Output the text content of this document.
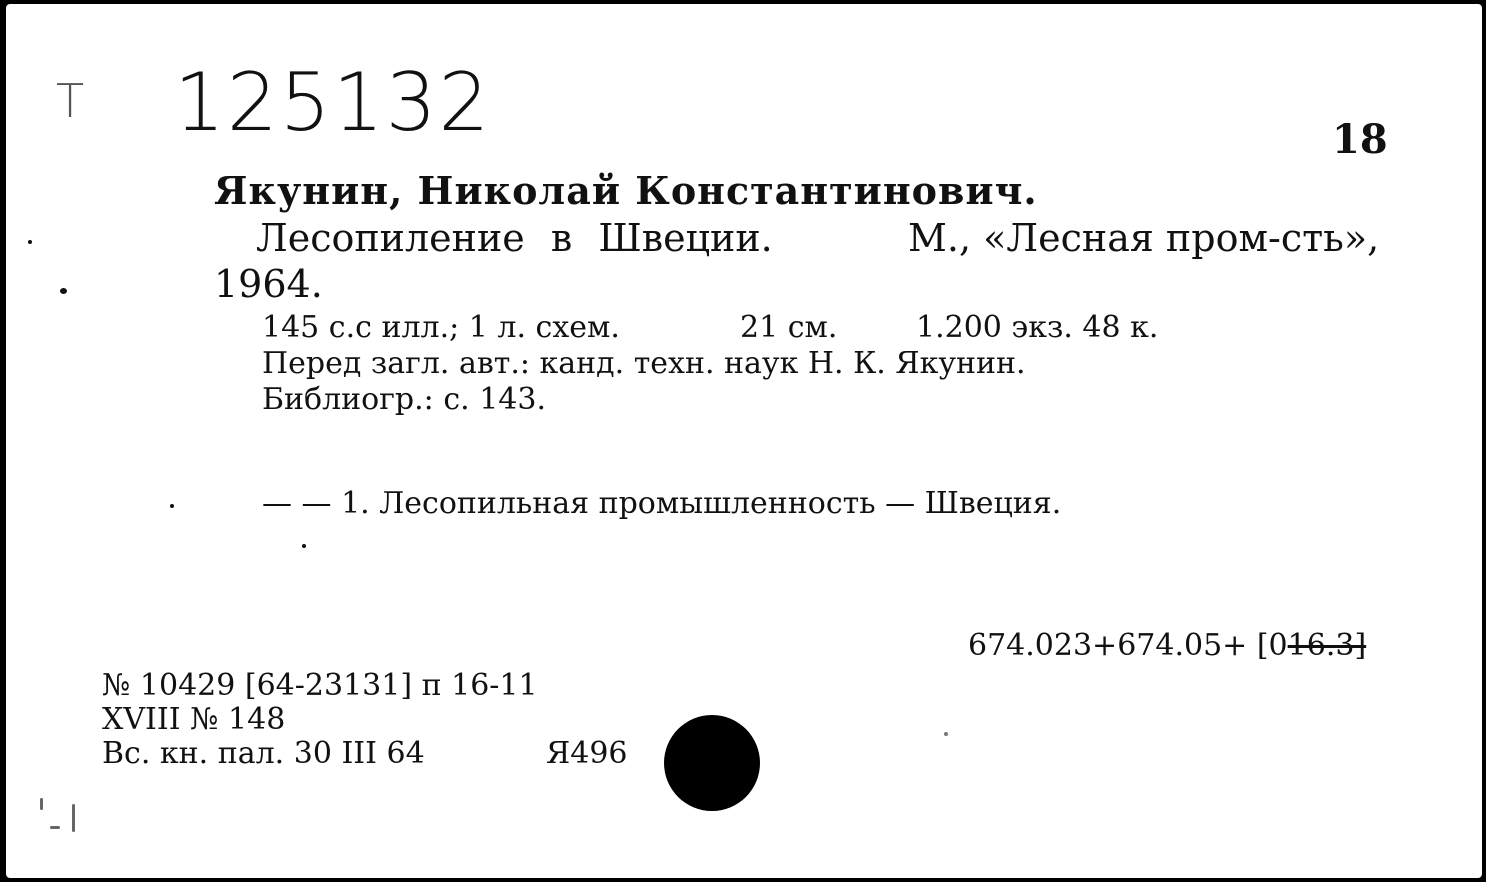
Т 125132	18
Якунин, Николай Константинович.
Лесопиление в Швеции.	М., «Лесная пром-сть»,
1964.
145 с.с илл.; 1 л. схем.	21 см.	1.200 экз. 48 к.
Перед загл. авт.: канд. техн. наук Н. К. Якунин.
Библиогр.: с. 143.
— — 1. Лесопильная промышленность — Швеция.
674.023+674.05+ [016.3]
№ 10429 [64-23131] п 16-11
XVIII № 148
Вс. кн. пал. 30 III 64	Я496
